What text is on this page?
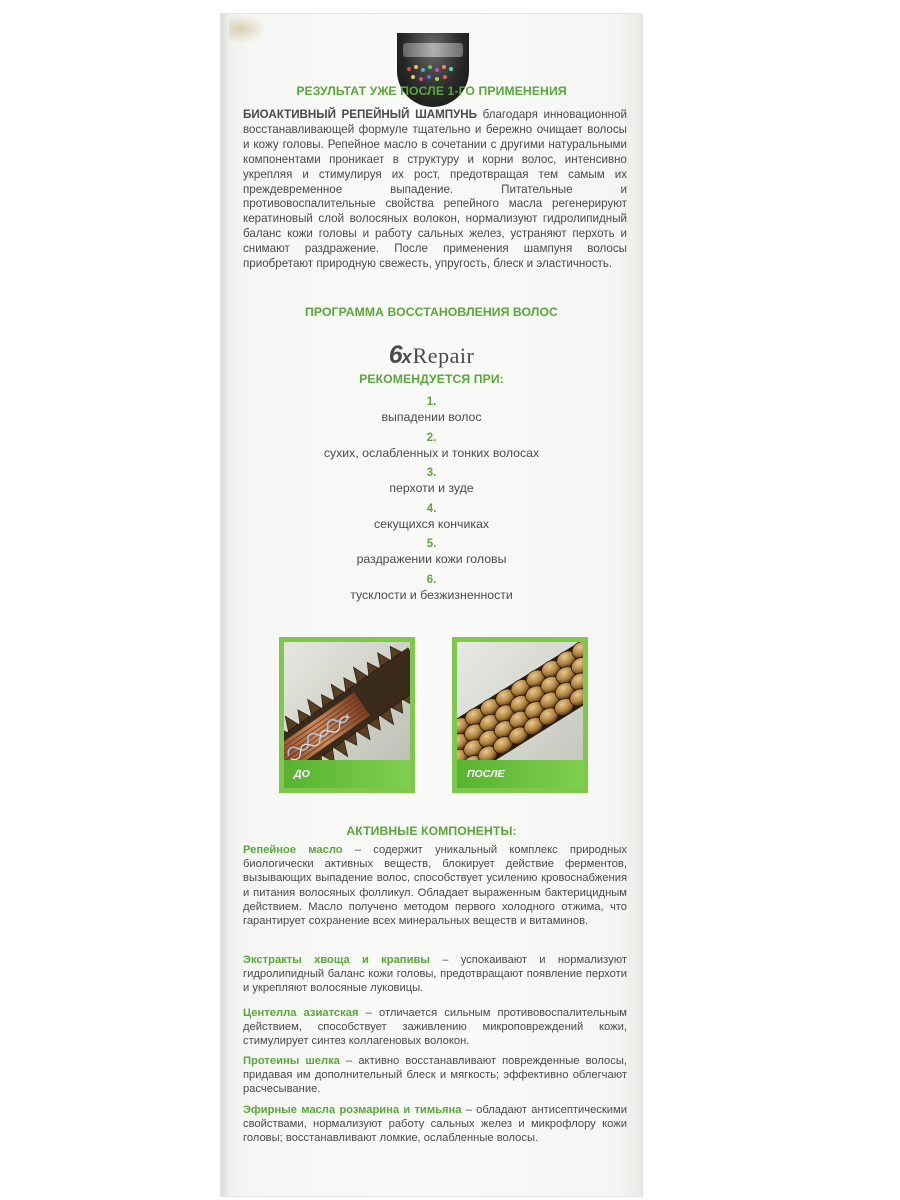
РЕЗУЛЬТАТ УЖЕ ПОСЛЕ 1-ГО ПРИМЕНЕНИЯ
БИОАКТИВНЫЙ РЕПЕЙНЫЙ ШАМПУНЬ благодаря инновационной восстанавливающей формуле тщательно и бережно очищает волосы и кожу головы. Репейное масло в сочетании с другими натуральными компонентами проникает в структуру и корни волос, интенсивно укрепляя и стимулируя их рост, предотвращая тем самым их преждевременное выпадение. Питательные и противовоспалительные свойства репейного масла регенерируют кератиновый слой волосяных волокон, нормализуют гидролипидный баланс кожи головы и работу сальных желез, устраняют перхоть и снимают раздражение. После применения шампуня волосы приобретают природную свежесть, упругость, блеск и эластичность.
ПРОГРАММА ВОССТАНОВЛЕНИЯ ВОЛОС
6xRepair
РЕКОМЕНДУЕТСЯ ПРИ:
1.
выпадении волос
2.
сухих, ослабленных и тонких волосах
3.
перхоти и зуде
4.
секущихся кончиках
5.
раздражении кожи головы
6.
тусклости и безжизненности
ДО	ПОСЛЕ
АКТИВНЫЕ КОМПОНЕНТЫ:
Репейное масло – содержит уникальный комплекс природных биологически активных веществ, блокирует действие ферментов, вызывающих выпадение волос, способствует усилению кровоснабжения и питания волосяных фолликул. Обладает выраженным бактерицидным действием. Масло получено методом первого холодного отжима, что гарантирует сохранение всех минеральных веществ и витаминов.
Экстракты хвоща и крапивы – успокаивают и нормализуют гидролипидный баланс кожи головы, предотвращают появление перхоти и укрепляют волосяные луковицы.
Центелла азиатская – отличается сильным противовоспалительным действием, способствует заживлению микроповреждений кожи, стимулирует синтез коллагеновых волокон.
Протеины шелка – активно восстанавливают поврежденные волосы, придавая им дополнительный блеск и мягкость; эффективно облегчают расчесывание.
Эфирные масла розмарина и тимьяна – обладают антисептическими свойствами, нормализуют работу сальных желез и микрофлору кожи головы; восстанавливают ломкие, ослабленные волосы.
